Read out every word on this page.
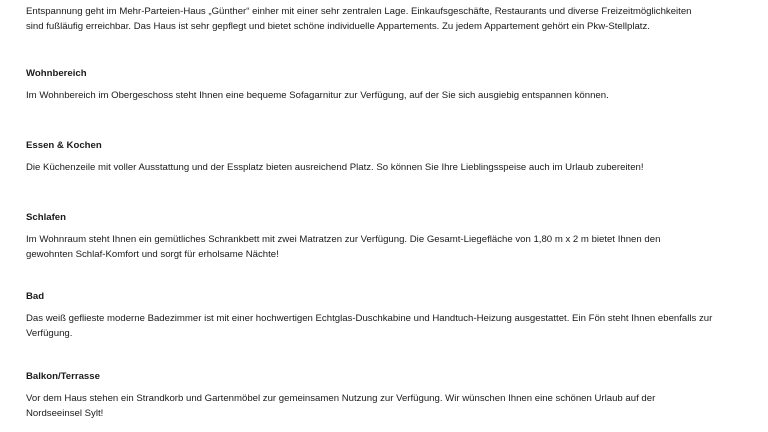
Entspannung geht im Mehr-Parteien-Haus „Günther“ einher mit einer sehr zentralen Lage. Einkaufsgeschäfte, Restaurants und diverse Freizeitmöglichkeiten
sind fußläufig erreichbar. Das Haus ist sehr gepflegt und bietet schöne individuelle Appartements. Zu jedem Appartement gehört ein Pkw-Stellplatz.
Wohnbereich
Im Wohnbereich im Obergeschoss steht Ihnen eine bequeme Sofagarnitur zur Verfügung, auf der Sie sich ausgiebig entspannen können.
Essen & Kochen
Die Küchenzeile mit voller Ausstattung und der Essplatz bieten ausreichend Platz. So können Sie Ihre Lieblingsspeise auch im Urlaub zubereiten!
Schlafen
Im Wohnraum steht Ihnen ein gemütliches Schrankbett mit zwei Matratzen zur Verfügung. Die Gesamt-Liegefläche von 1,80 m x 2 m bietet Ihnen den
gewohnten Schlaf-Komfort und sorgt für erholsame Nächte!
Bad
Das weiß geflieste moderne Badezimmer ist mit einer hochwertigen Echtglas-Duschkabine und Handtuch-Heizung ausgestattet. Ein Fön steht Ihnen ebenfalls zur
Verfügung.
Balkon/Terrasse
Vor dem Haus stehen ein Strandkorb und Gartenmöbel zur gemeinsamen Nutzung zur Verfügung. Wir wünschen Ihnen eine schönen Urlaub auf der
Nordseeinsel Sylt!
